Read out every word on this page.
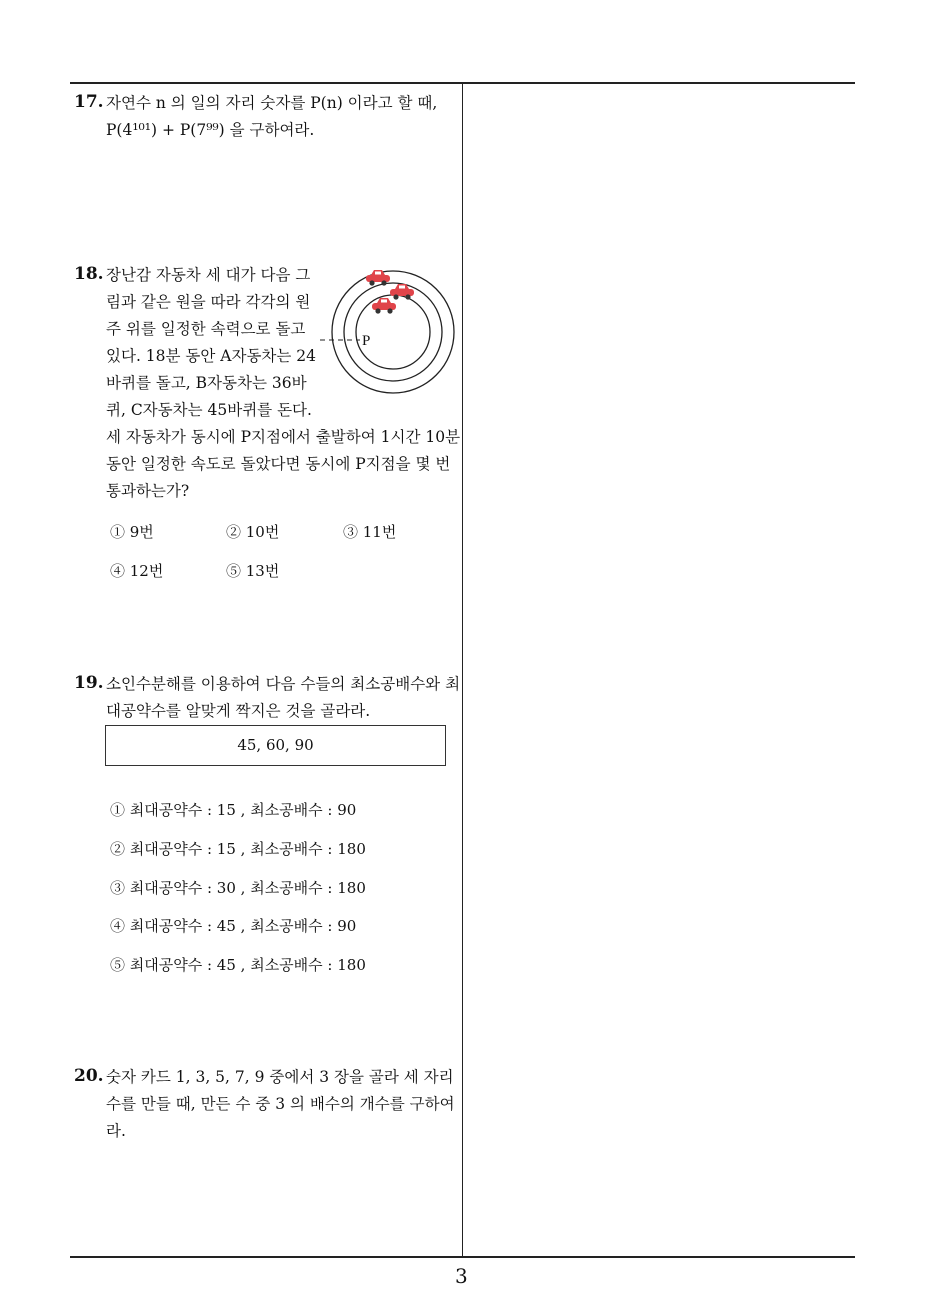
3
17. 자연수 n 의 일의 자리 숫자를 P(n) 이라고 할 때,
P(4¹⁰¹) + P(7⁹⁹) 을 구하여라.
18. 장난감 자동차 세 대가 다음 그
림과 같은 원을 따라 각각의 원
주 위를 일정한 속력으로 돌고
있다. 18분 동안 A자동차는 24
바퀴를 돌고, B자동차는 36바
퀴, C자동차는 45바퀴를 돈다.
세 자동차가 동시에 P지점에서 출발하여 1시간 10분
동안 일정한 속도로 돌았다면 동시에 P지점을 몇 번
통과하는가?
P
① 9번	② 10번	③ 11번
④ 12번	⑤ 13번
19. 소인수분해를 이용하여 다음 수들의 최소공배수와 최
대공약수를 알맞게 짝지은 것을 골라라.
45, 60, 90
① 최대공약수 : 15 , 최소공배수 : 90
② 최대공약수 : 15 , 최소공배수 : 180
③ 최대공약수 : 30 , 최소공배수 : 180
④ 최대공약수 : 45 , 최소공배수 : 90
⑤ 최대공약수 : 45 , 최소공배수 : 180
20. 숫자 카드 1, 3, 5, 7, 9 중에서 3 장을 골라 세 자리
수를 만들 때, 만든 수 중 3 의 배수의 개수를 구하여
라.
